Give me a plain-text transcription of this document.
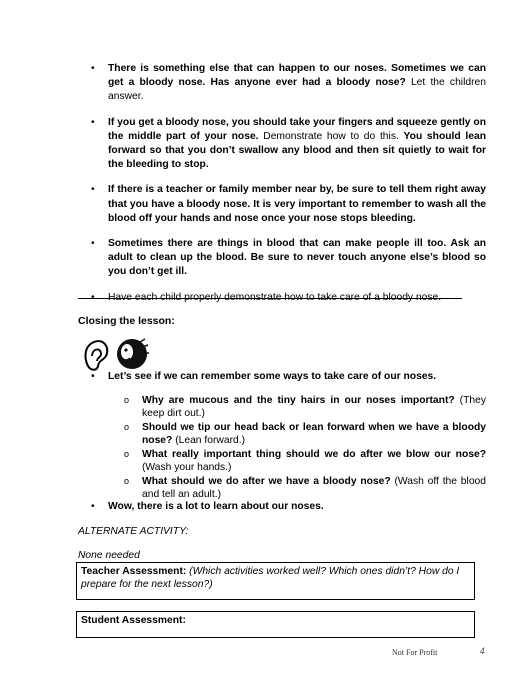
• There is something else that can happen to our noses. Sometimes we can get a bloody nose. Has anyone ever had a bloody nose? Let the children answer.
• If you get a bloody nose, you should take your fingers and squeeze gently on the middle part of your nose. Demonstrate how to do this. You should lean forward so that you don’t swallow any blood and then sit quietly to wait for the bleeding to stop.
• If there is a teacher or family member near by, be sure to tell them right away that you have a bloody nose. It is very important to remember to wash all the blood off your hands and nose once your nose stops bleeding.
• Sometimes there are things in blood that can make people ill too. Ask an adult to clean up the blood. Be sure to never touch anyone else’s blood so you don’t get ill.
• Have each child properly demonstrate how to take care of a bloody nose.
Closing the lesson:
• Let’s see if we can remember some ways to take care of our noses.
o Why are mucous and the tiny hairs in our noses important? (They keep dirt out.)
o Should we tip our head back or lean forward when we have a bloody nose? (Lean forward.)
o What really important thing should we do after we blow our nose? (Wash your hands.)
o What should we do after we have a bloody nose? (Wash off the blood and tell an adult.)
• Wow, there is a lot to learn about our noses.
ALTERNATE ACTIVITY:
None needed
Teacher Assessment: (Which activities worked well? Which ones didn’t? How do I prepare for the next lesson?)
Student Assessment:
Not For Profit	4
